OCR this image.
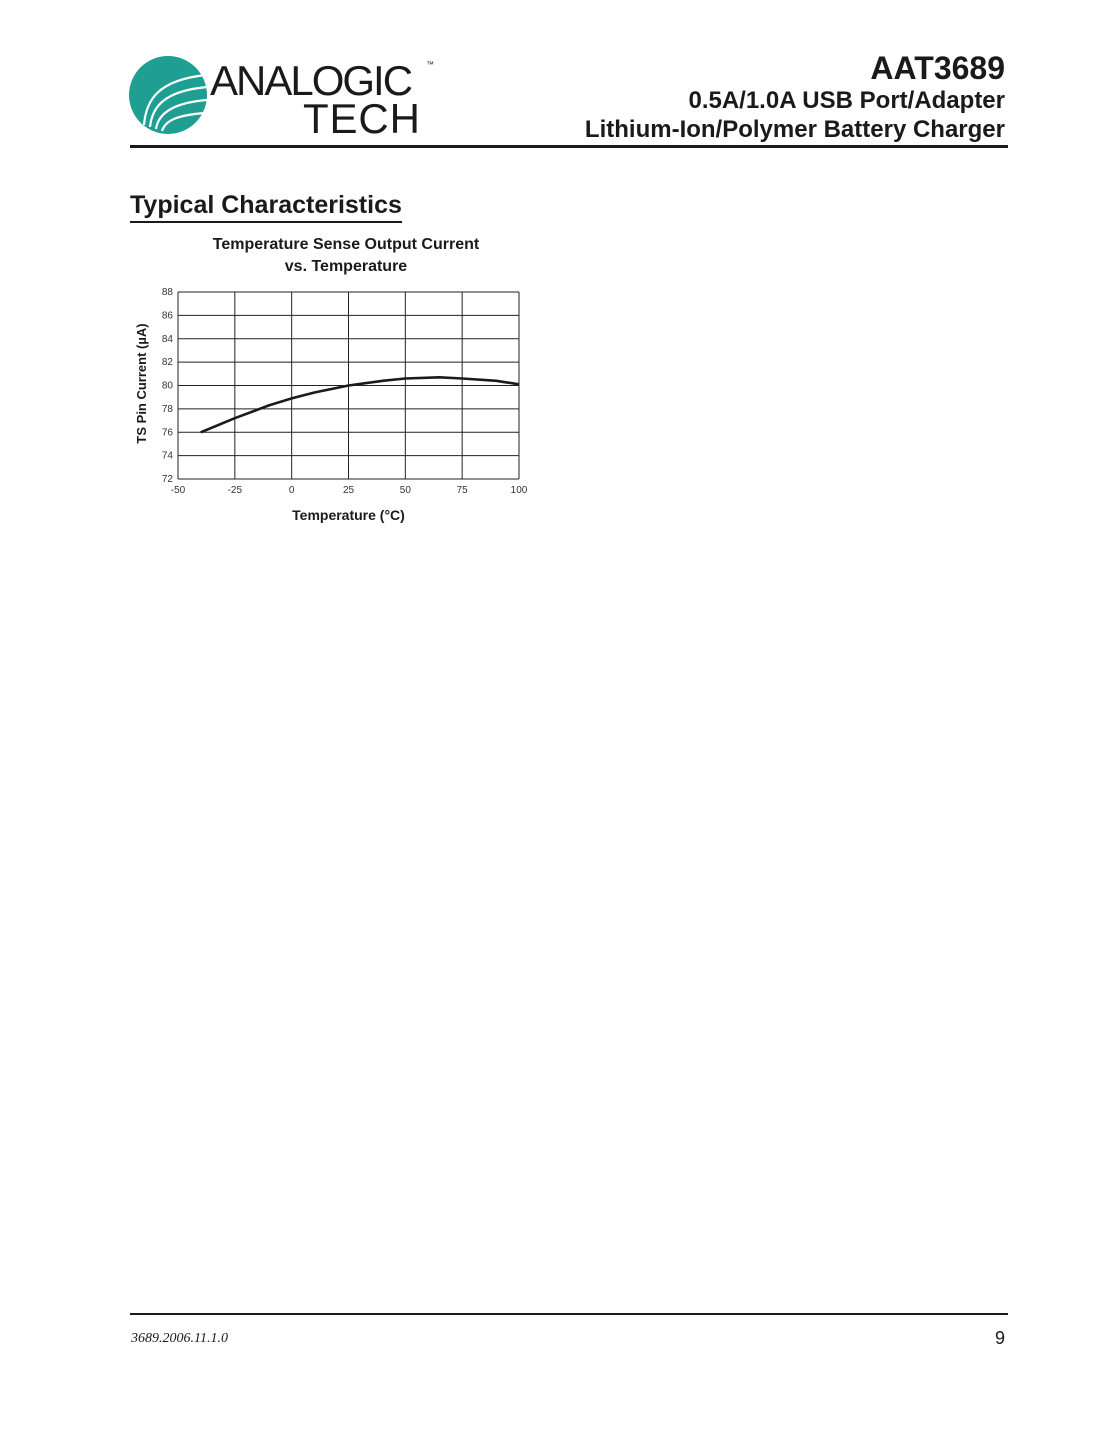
ANALOGIC ™
TECH
AAT3689
0.5A/1.0A USB Port/Adapter
Lithium-Ion/Polymer Battery Charger
Typical Characteristics
Temperature Sense Output Current
vs. Temperature
-50	-25	0	25	50	75	100
72
74
76
78
80
82
84
86
88
Temperature (°C)
TS Pin Current (µA)
3689.2006.11.1.0	9
